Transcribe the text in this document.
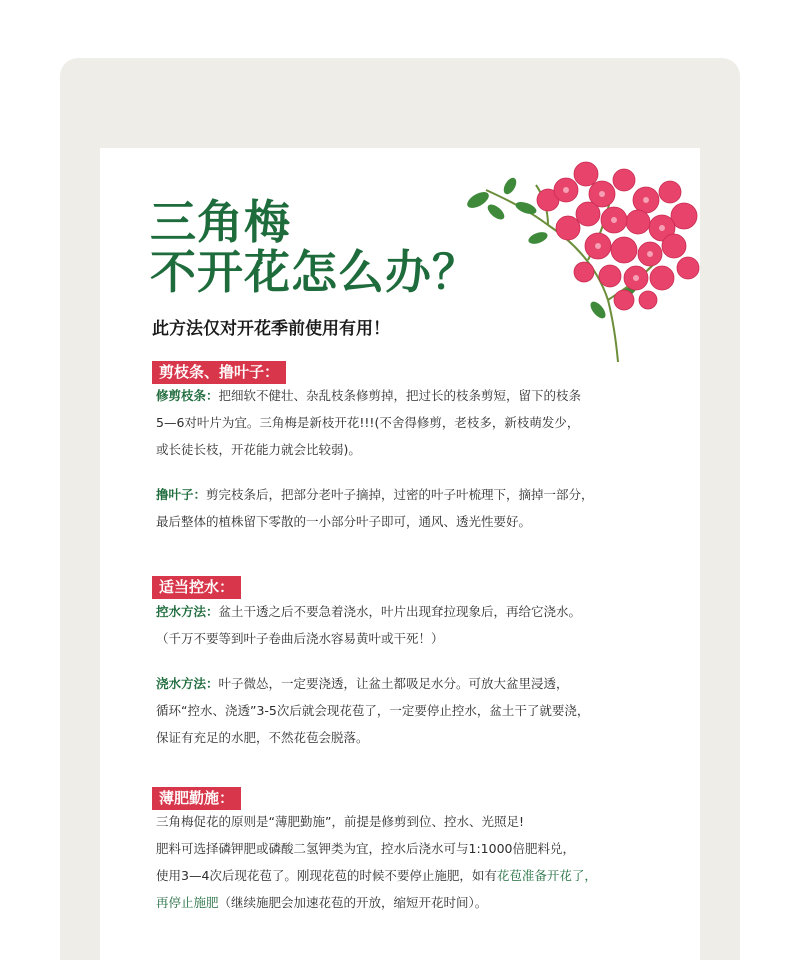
三角梅
不开花怎么办？
此方法仅对开花季前使用有用！
剪枝条、撸叶子：
修剪枝条：把细软不健壮、杂乱枝条修剪掉，把过长的枝条剪短，留下的枝条
5—6对叶片为宜。三角梅是新枝开花!!!(不舍得修剪，老枝多，新枝萌发少，
或长徒长枝，开花能力就会比较弱)。
撸叶子：剪完枝条后，把部分老叶子摘掉，过密的叶子叶梳理下，摘掉一部分，
最后整体的植株留下零散的一小部分叶子即可，通风、透光性要好。
适当控水：
控水方法：盆土干透之后不要急着浇水，叶片出现耷拉现象后，再给它浇水。
（千万不要等到叶子卷曲后浇水容易黄叶或干死！）
浇水方法：叶子微怂，一定要浇透，让盆土都吸足水分。可放大盆里浸透，
循环“控水、浇透”3-5次后就会现花苞了，一定要停止控水，盆土干了就要浇，
保证有充足的水肥，不然花苞会脱落。
薄肥勤施：
三角梅促花的原则是“薄肥勤施”，前提是修剪到位、控水、光照足!
肥料可选择磷钾肥或磷酸二氢钾类为宜，控水后浇水可与1:1000倍肥料兑，
使用3—4次后现花苞了。刚现花苞的时候不要停止施肥，如有花苞准备开花了，
再停止施肥（继续施肥会加速花苞的开放，缩短开花时间）。
